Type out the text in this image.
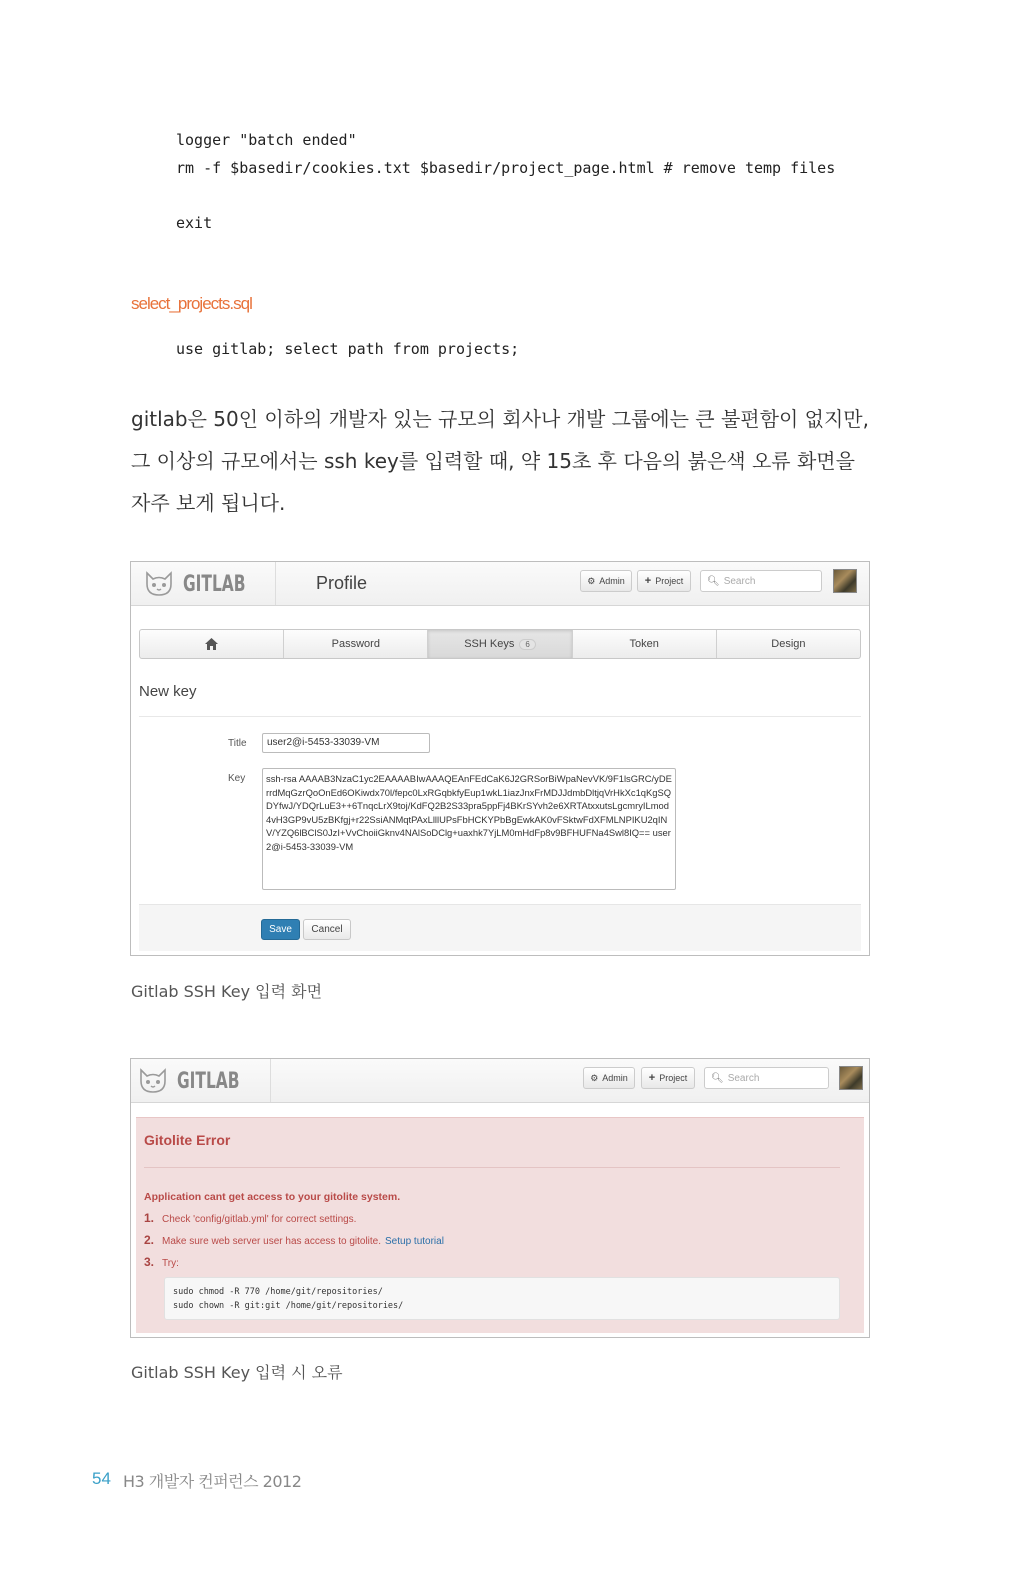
logger "batch ended"
rm -f $basedir/cookies.txt $basedir/project_page.html # remove temp files
exit
select_projects.sql
use gitlab; select path from projects;
gitlab은 50인 이하의 개발자 있는 규모의 회사나 개발 그룹에는 큰 불편함이 없지만,
그 이상의 규모에서는 ssh key를 입력할 때, 약 15초 후 다음의 붉은색 오류 화면을
자주 보게 됩니다.
GITLAB	Profile	⚙ Admin + Project 🔍︎ Search
Password	SSH Keys	6	Token	Design
New key
Title	user2@i-5453-33039-VM
Key	ssh-rsa AAAAB3NzaC1yc2EAAAABIwAAAQEAnFEdCaK6J2GRSorBiWpaNevVK/9F1lsGRC/yDErrdMqGzrQoOnEd6OKiwdx70l/fepc0LxRGqbkfyEup1wkL1iazJnxFrMDJJdmbDltjqVrHkXc1qKgSQDYfwJ/YDQrLuE3++6TnqcLrX9toj/KdFQ2B2S33pra5ppFj4BKrSYvh2e6XRTAtxxutsLgcmryILmod4vH3GP9vU5zBKfgj+r22SsiANMqtPAxLlllUPsFbHCKYPbBgEwkAK0vFSktwFdXFMLNPIKU2qINV/YZQ6lBClS0JzI+VvChoiiGknv4NAlSoDClg+uaxhk7YjLM0mHdFp8v9BFHUFNa4Swl8IQ== user2@i-5453-33039-VM
Save	Cancel
Gitlab SSH Key 입력 화면
GITLAB	⚙ Admin + Project 🔍︎ Search
Gitolite Error
Application cant get access to your gitolite system.
1. Check 'config/gitlab.yml' for correct settings.
2. Make sure web server user has access to gitolite. Setup tutorial
3. Try:
sudo chmod -R 770 /home/git/repositories/
sudo chown -R git:git /home/git/repositories/
Gitlab SSH Key 입력 시 오류
54 H3 개발자 컨퍼런스 2012
